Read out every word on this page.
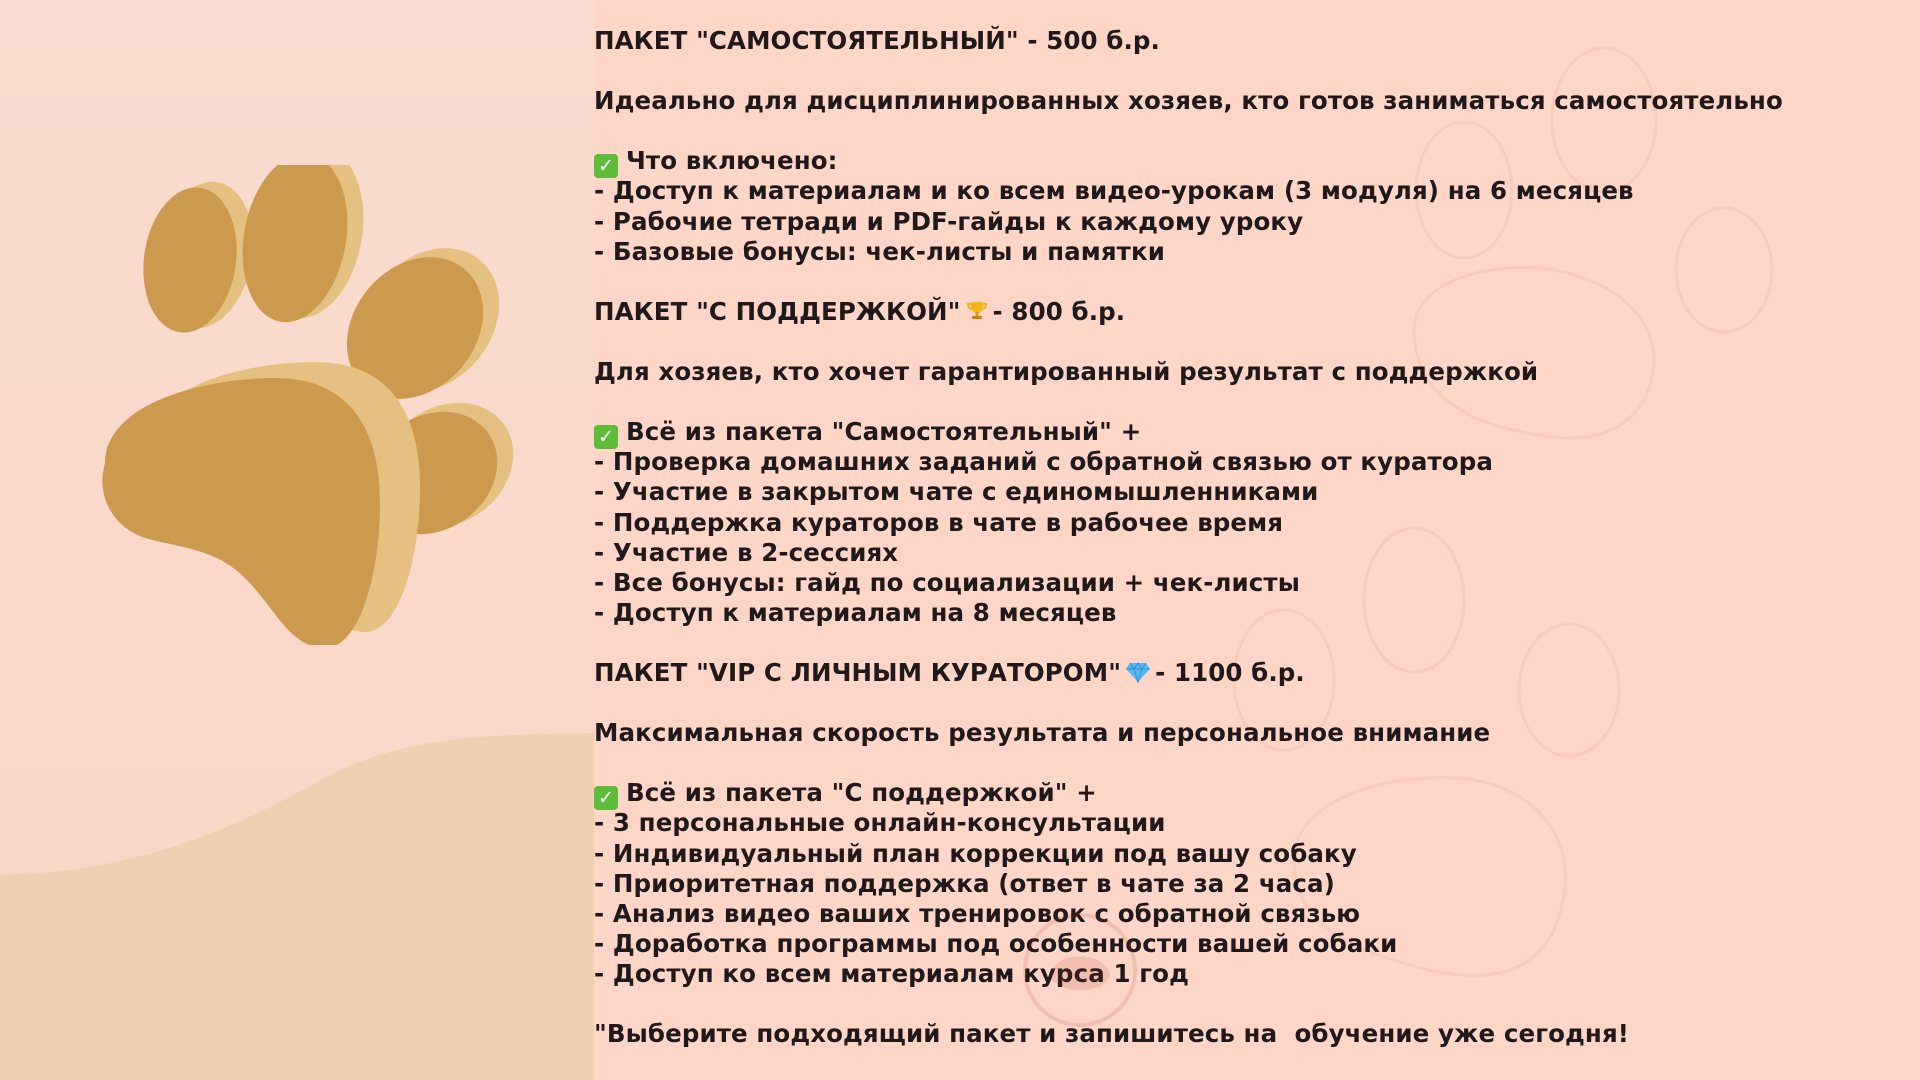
ПАКЕТ "САМОСТОЯТЕЛЬНЫЙ" - 500 б.р.
Идеально для дисциплинированных хозяев, кто готов заниматься самостоятельно
✓ Что включено:
- Доступ к материалам и ко всем видео-урокам (3 модуля) на 6 месяцев
- Рабочие тетради и PDF-гайды к каждому уроку
- Базовые бонусы: чек-листы и памятки
ПАКЕТ "С ПОДДЕРЖКОЙ" - 800 б.р.
Для хозяев, кто хочет гарантированный результат с поддержкой
✓ Всё из пакета "Самостоятельный" +
- Проверка домашних заданий с обратной связью от куратора
- Участие в закрытом чате с единомышленниками
- Поддержка кураторов в чате в рабочее время
- Участие в 2-сессиях
- Все бонусы: гайд по социализации + чек-листы
- Доступ к материалам на 8 месяцев
ПАКЕТ "VIP С ЛИЧНЫМ КУРАТОРОМ" - 1100 б.р.
Максимальная скорость результата и персональное внимание
✓ Всё из пакета "С поддержкой" +
- 3 персональные онлайн-консультации
- Индивидуальный план коррекции под вашу собаку
- Приоритетная поддержка (ответ в чате за 2 часа)
- Анализ видео ваших тренировок с обратной связью
- Доработка программы под особенности вашей собаки
- Доступ ко всем материалам курса 1 год
"Выберите подходящий пакет и запишитесь на  обучение уже сегодня!
